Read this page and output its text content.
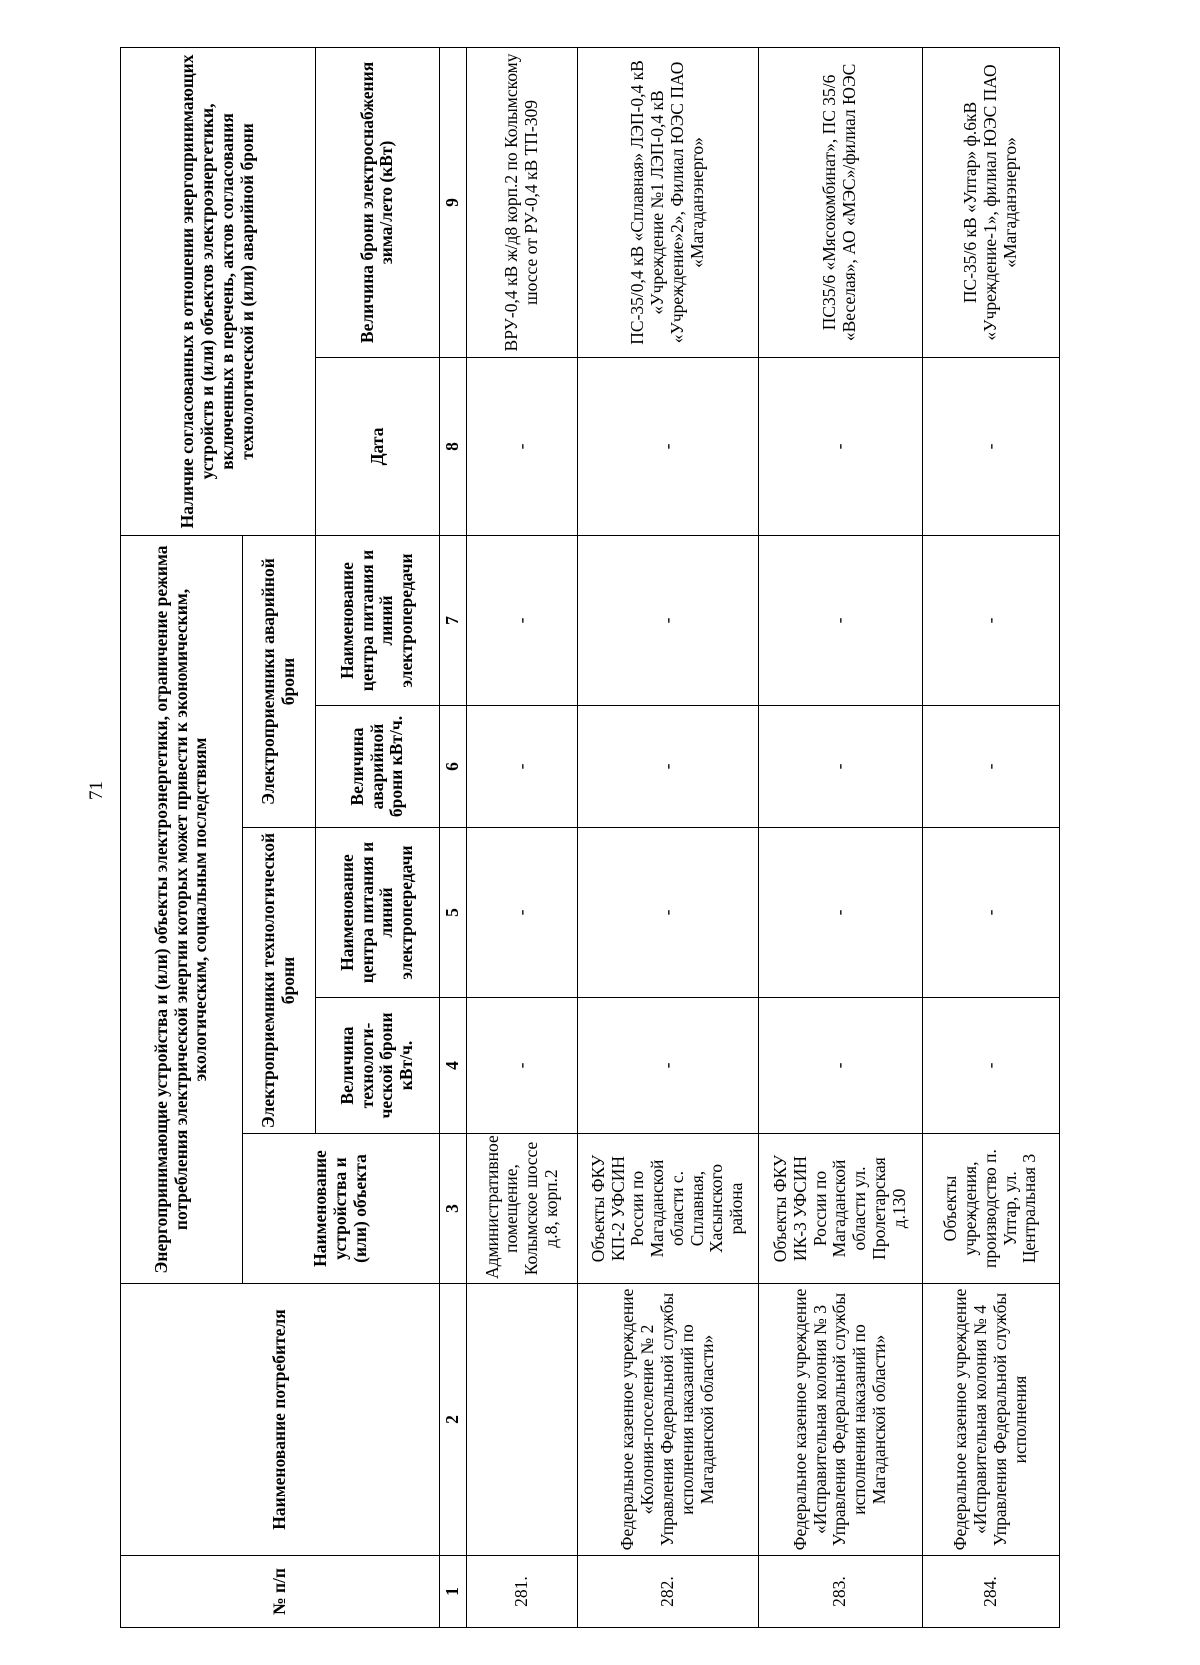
71
№ п/п	Наименование потребителя	Энергопринимающие устройства и (или) объекты электроэнергетики, ограничение режима потребления электрической энергии которых может привести к экономическим, экологическим, социальным последствиям					Наличие согласованных в отношении энергопринимающих устройств и (или) объектов электроэнергетики, включенных в перечень, актов согласования технологической и (или) аварийной брони	
		Наименование устройства и (или) объекта	Электроприемники технологической брони		Электроприемники аварийной брони			
			Величина технологи-ческой брони кВт/ч.	Наименование центра питания и линий электропередачи	Величина аварийной брони кВт/ч.	Наименование центра питания и линий электропередачи	Дата	Величина брони электроснабжения зима/лето (кВт)
1	2	3	4	5	6	7	8	9
281.		Административное помещение, Колымское шоссе д.8, корп.2	-	-	-	-	-	ВРУ-0,4 кВ ж/д8 корп.2 по Колымскому шоссе от РУ-0,4 кВ ТП-309
282.	Федеральное казенное учреждение «Колония-поселение № 2 Управления Федеральной службы исполнения наказаний по Магаданской области»	Объекты ФКУ КП-2 УФСИН России по Магаданской области с. Сплавная, Хасынского района	-	-	-	-	-	ПС-35/0,4 кВ «Сплавная» ЛЭП-0,4 кВ «Учреждение №1 ЛЭП-0,4 кВ «Учреждение»2», Филиал ЮЭС ПАО «Магаданэнерго»
283.	Федеральное казенное учреждение «Исправительная колония № 3 Управления Федеральной службы исполнения наказаний по Магаданской области»	Объекты ФКУ ИК-3 УФСИН России по Магаданской области ул. Пролетарская д.130	-	-	-	-	-	ПС35/6 «Мясокомбинат», ПС 35/6 «Веселая», АО «МЭС»/филиал ЮЭС
284.	Федеральное казенное учреждение «Исправительная колония № 4 Управления Федеральной службы исполнения	Объекты учреждения, производство п. Уптар, ул. Центральная 3	-	-	-	-	-	ПС-35/6 кВ «Уптар» ф.6кВ «Учреждение-1», филиал ЮЭС ПАО «Магаданэнерго»
